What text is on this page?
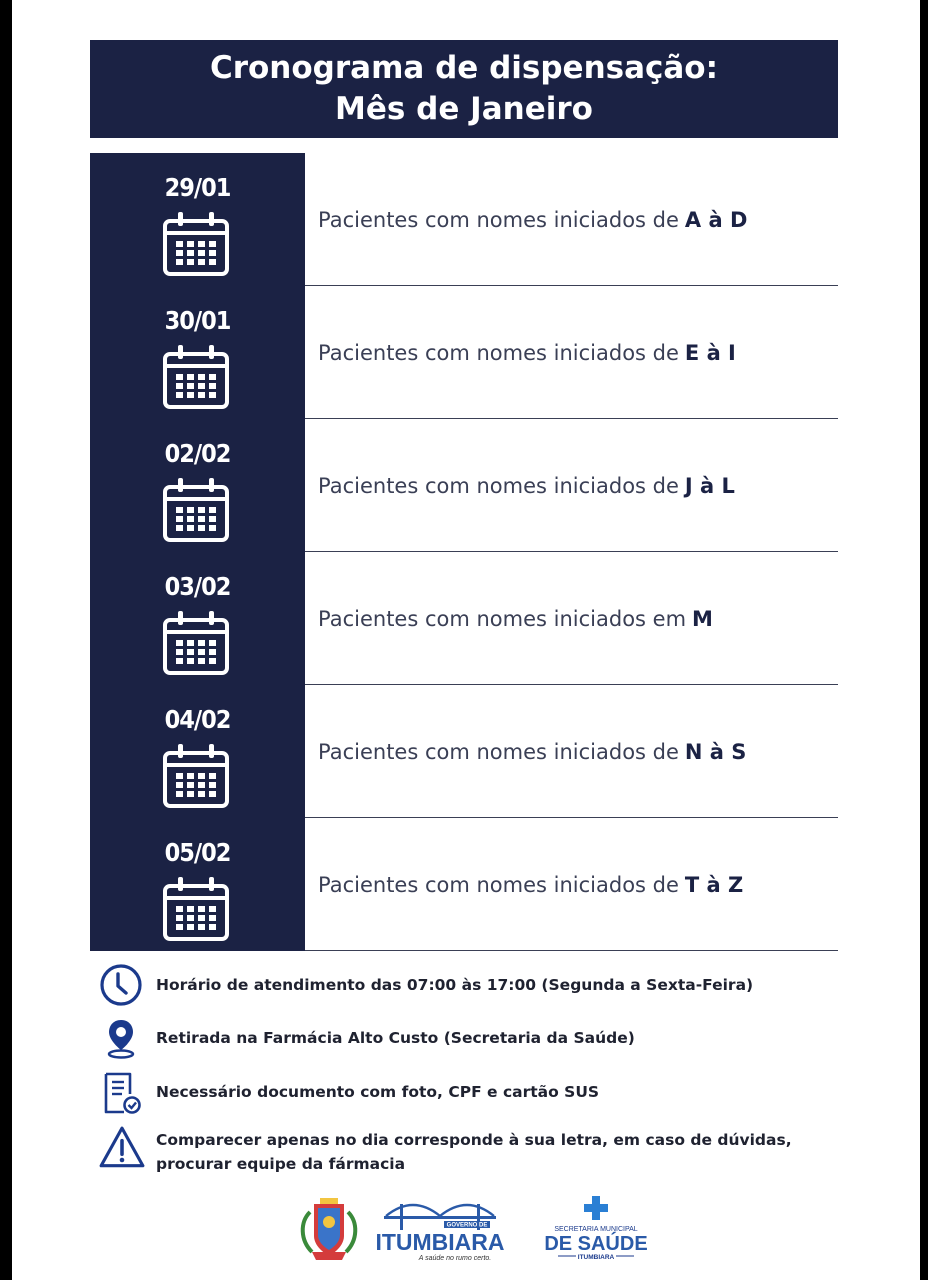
Cronograma de dispensação:
Mês de Janeiro
29/01
Pacientes com nomes iniciados de A à D
30/01
Pacientes com nomes iniciados de E à I
02/02
Pacientes com nomes iniciados de J à L
03/02
Pacientes com nomes iniciados em M
04/02
Pacientes com nomes iniciados de N à S
05/02
Pacientes com nomes iniciados de T à Z
Horário de atendimento das 07:00 às 17:00 (Segunda a Sexta-Feira)
Retirada na Farmácia Alto Custo (Secretaria da Saúde)
Necessário documento com foto, CPF e cartão SUS
Comparecer apenas no dia corresponde à sua letra, em caso de dúvidas, procurar equipe da fármacia
GOVERNO DE
ITUMBIARA
A saúde no rumo certo.
SECRETARIA MUNICIPAL
DE SAÚDE
ITUMBIARA
